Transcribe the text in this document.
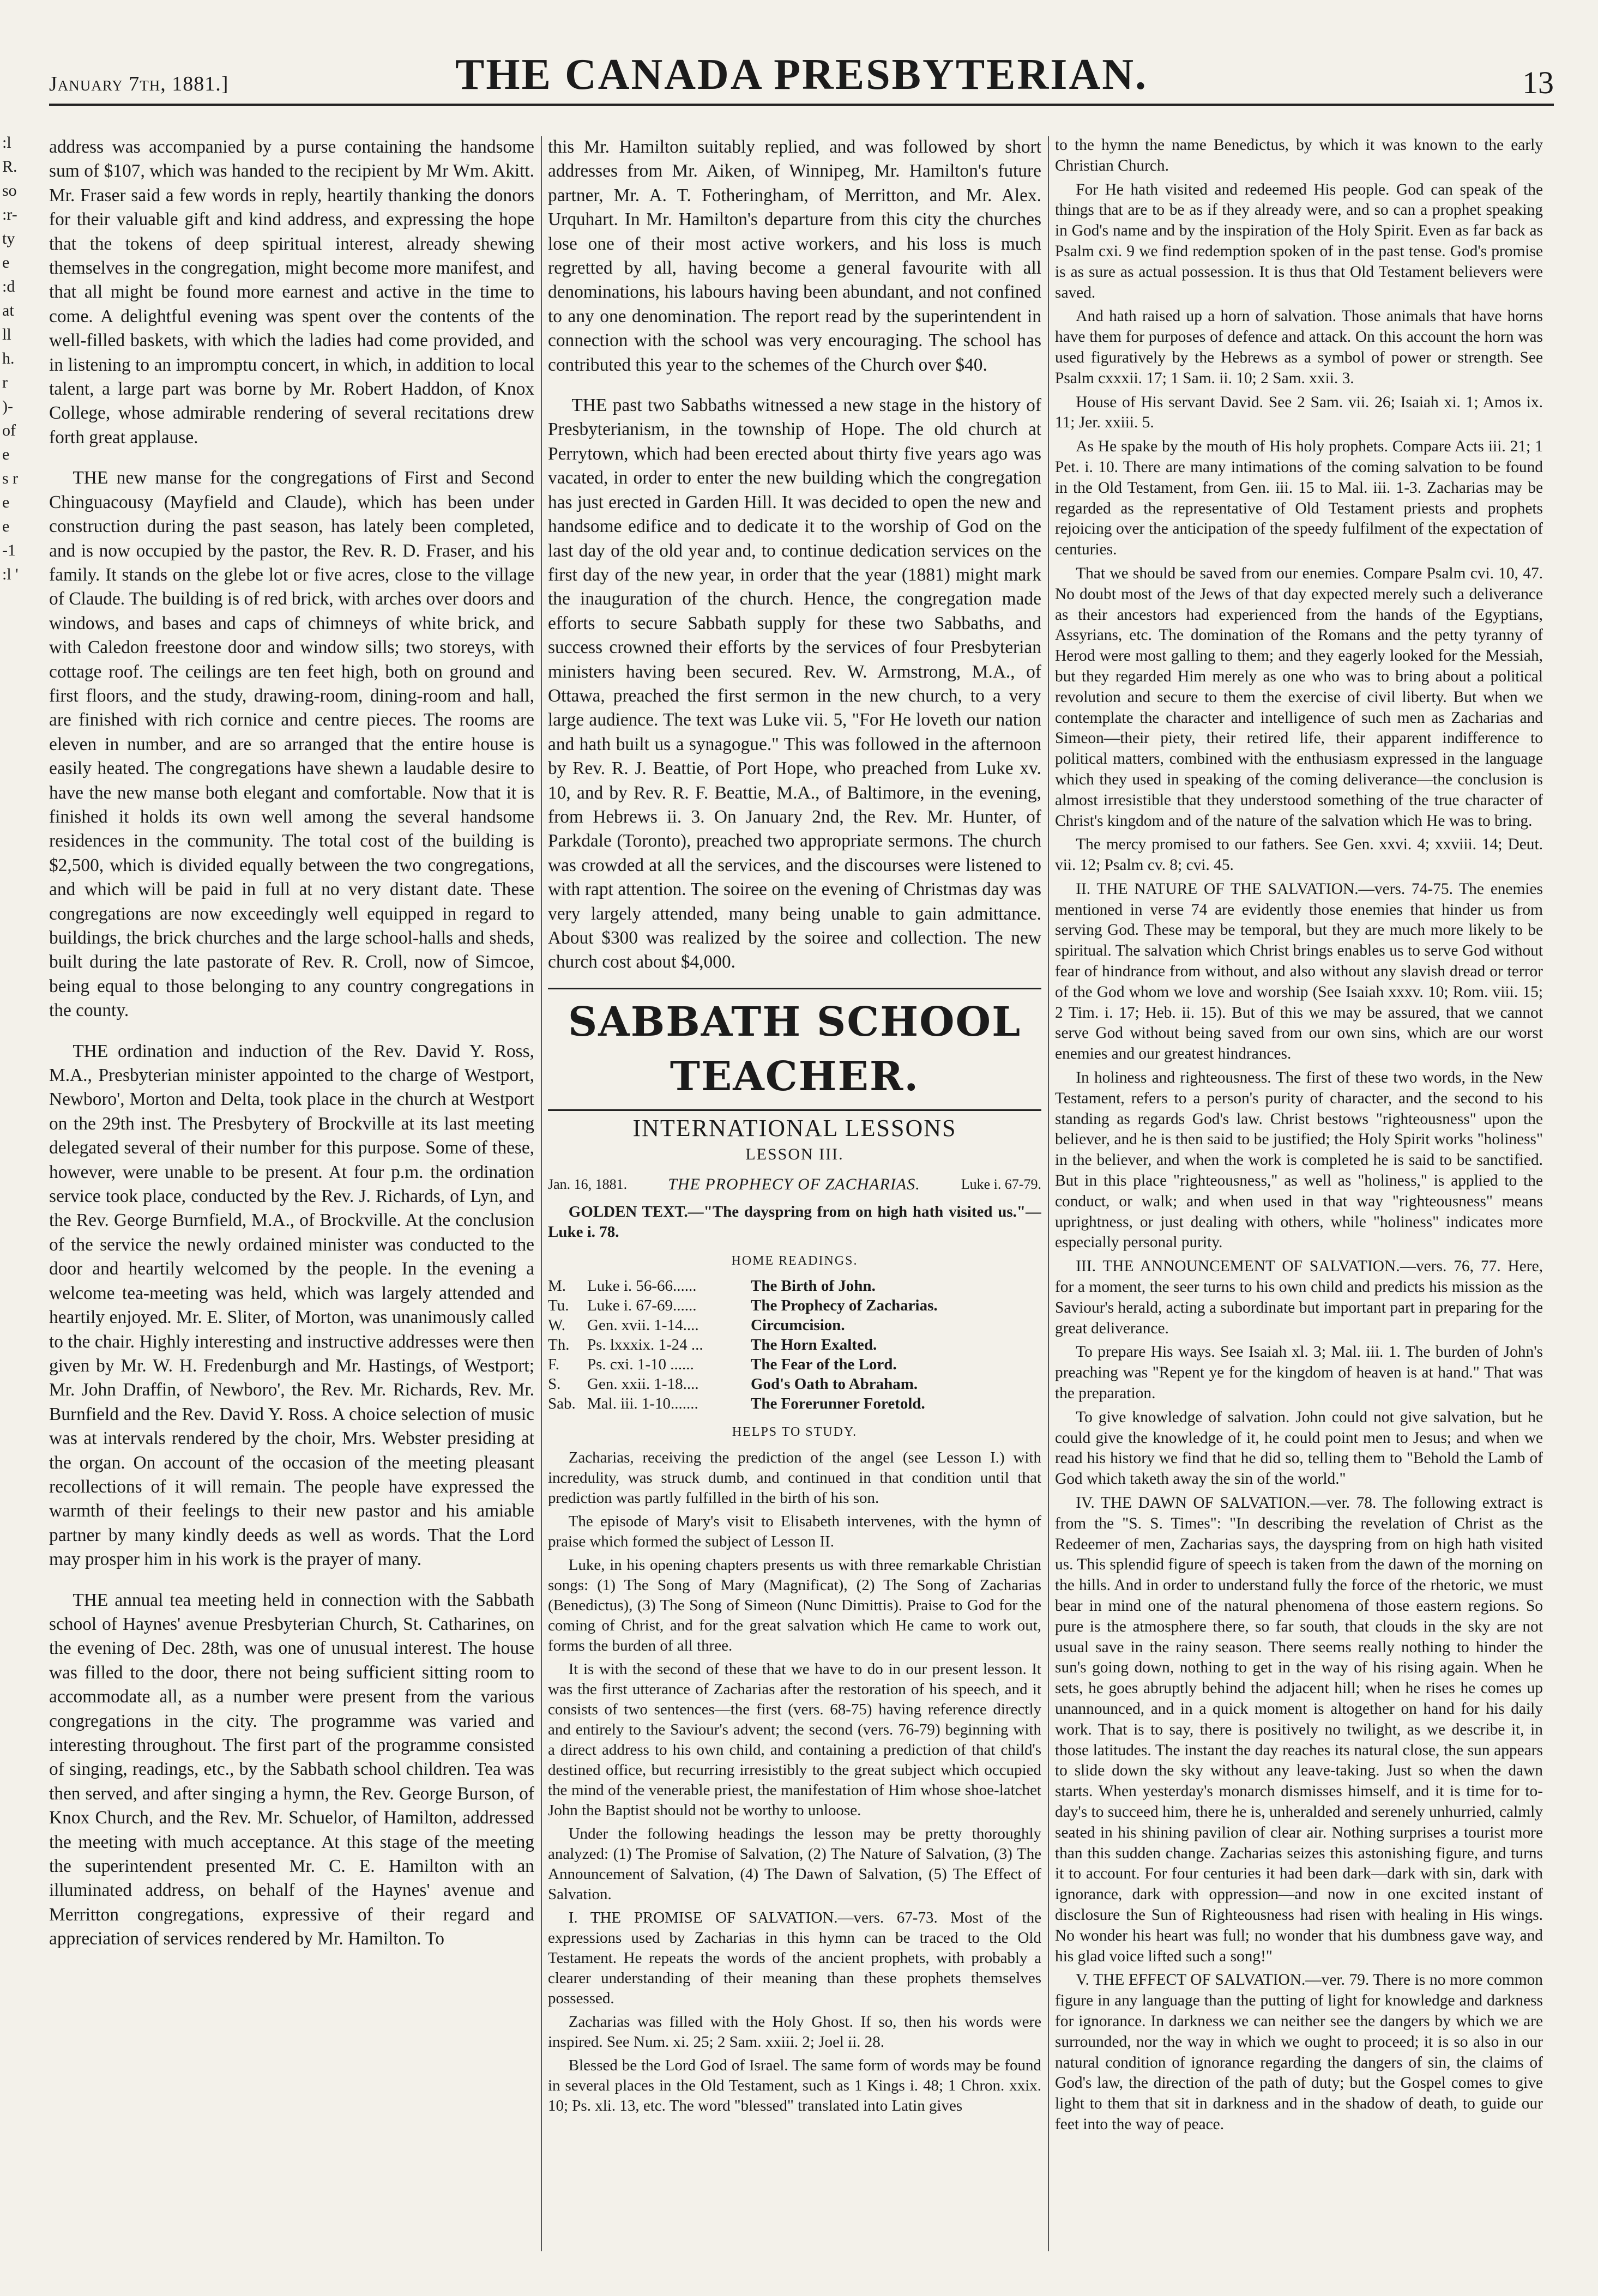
January 7th, 1881.]	THE CANADA PRESBYTERIAN.	13
:l R. so :r- ty e :d at ll h. r )- of e s r e e -1 :l '

address was accompanied by a purse containing the handsome sum of $107, which was handed to the recipient by Mr Wm. Akitt. Mr. Fraser said a few words in reply, heartily thanking the donors for their valuable gift and kind address, and expressing the hope that the tokens of deep spiritual interest, already shewing themselves in the congregation, might become more manifest, and that all might be found more earnest and active in the time to come. A delightful evening was spent over the contents of the well-filled baskets, with which the ladies had come provided, and in listening to an impromptu concert, in which, in addition to local talent, a large part was borne by Mr. Robert Haddon, of Knox College, whose admirable rendering of several recitations drew forth great applause.

THE new manse for the congregations of First and Second Chinguacousy (Mayfield and Claude), which has been under construction during the past season, has lately been completed, and is now occupied by the pastor, the Rev. R. D. Fraser, and his family. It stands on the glebe lot or five acres, close to the village of Claude. The building is of red brick, with arches over doors and windows, and bases and caps of chimneys of white brick, and with Caledon freestone door and window sills; two storeys, with cottage roof. The ceilings are ten feet high, both on ground and first floors, and the study, drawing-room, dining-room and hall, are finished with rich cornice and centre pieces. The rooms are eleven in number, and are so arranged that the entire house is easily heated. The congregations have shewn a laudable desire to have the new manse both elegant and comfortable. Now that it is finished it holds its own well among the several handsome residences in the community. The total cost of the building is $2,500, which is divided equally between the two congregations, and which will be paid in full at no very distant date. These congregations are now exceedingly well equipped in regard to buildings, the brick churches and the large school-halls and sheds, built during the late pastorate of Rev. R. Croll, now of Simcoe, being equal to those belonging to any country congregations in the county.

THE ordination and induction of the Rev. David Y. Ross, M.A., Presbyterian minister appointed to the charge of Westport, Newboro', Morton and Delta, took place in the church at Westport on the 29th inst. The Presbytery of Brockville at its last meeting delegated several of their number for this purpose. Some of these, however, were unable to be present. At four p.m. the ordination service took place, conducted by the Rev. J. Richards, of Lyn, and the Rev. George Burnfield, M.A., of Brockville. At the conclusion of the service the newly ordained minister was conducted to the door and heartily welcomed by the people. In the evening a welcome tea-meeting was held, which was largely attended and heartily enjoyed. Mr. E. Sliter, of Morton, was unanimously called to the chair. Highly interesting and instructive addresses were then given by Mr. W. H. Fredenburgh and Mr. Hastings, of Westport; Mr. John Draffin, of Newboro', the Rev. Mr. Richards, Rev. Mr. Burnfield and the Rev. David Y. Ross. A choice selection of music was at intervals rendered by the choir, Mrs. Webster presiding at the organ. On account of the occasion of the meeting pleasant recollections of it will remain. The people have expressed the warmth of their feelings to their new pastor and his amiable partner by many kindly deeds as well as words. That the Lord may prosper him in his work is the prayer of many.

THE annual tea meeting held in connection with the Sabbath school of Haynes' avenue Presbyterian Church, St. Catharines, on the evening of Dec. 28th, was one of unusual interest. The house was filled to the door, there not being sufficient sitting room to accommodate all, as a number were present from the various congregations in the city. The programme was varied and interesting throughout. The first part of the programme consisted of singing, readings, etc., by the Sabbath school children. Tea was then served, and after singing a hymn, the Rev. George Burson, of Knox Church, and the Rev. Mr. Schuelor, of Hamilton, addressed the meeting with much acceptance. At this stage of the meeting the superintendent presented Mr. C. E. Hamilton with an illuminated address, on behalf of the Haynes' avenue and Merritton congregations, expressive of their regard and appreciation of services rendered by Mr. Hamilton. To

this Mr. Hamilton suitably replied, and was followed by short addresses from Mr. Aiken, of Winnipeg, Mr. Hamilton's future partner, Mr. A. T. Fotheringham, of Merritton, and Mr. Alex. Urquhart. In Mr. Hamilton's departure from this city the churches lose one of their most active workers, and his loss is much regretted by all, having become a general favourite with all denominations, his labours having been abundant, and not confined to any one denomination. The report read by the superintendent in connection with the school was very encouraging. The school has contributed this year to the schemes of the Church over $40.

THE past two Sabbaths witnessed a new stage in the history of Presbyterianism, in the township of Hope. The old church at Perrytown, which had been erected about thirty five years ago was vacated, in order to enter the new building which the congregation has just erected in Garden Hill. It was decided to open the new and handsome edifice and to dedicate it to the worship of God on the last day of the old year and, to continue dedication services on the first day of the new year, in order that the year (1881) might mark the inauguration of the church. Hence, the congregation made efforts to secure Sabbath supply for these two Sabbaths, and success crowned their efforts by the services of four Presbyterian ministers having been secured. Rev. W. Armstrong, M.A., of Ottawa, preached the first sermon in the new church, to a very large audience. The text was Luke vii. 5, "For He loveth our nation and hath built us a synagogue." This was followed in the afternoon by Rev. R. J. Beattie, of Port Hope, who preached from Luke xv. 10, and by Rev. R. F. Beattie, M.A., of Baltimore, in the evening, from Hebrews ii. 3. On January 2nd, the Rev. Mr. Hunter, of Parkdale (Toronto), preached two appropriate sermons. The church was crowded at all the services, and the discourses were listened to with rapt attention. The soiree on the evening of Christmas day was very largely attended, many being unable to gain admittance. About $300 was realized by the soiree and collection. The new church cost about $4,000.

SABBATH SCHOOL TEACHER.
INTERNATIONAL LESSONS
LESSON III.
Jan. 16, 1881. THE PROPHECY OF ZACHARIAS.	Luke i. 67-79.

GOLDEN TEXT.—"The dayspring from on high hath visited us."—Luke i. 78.

HOME READINGS.
M.	Luke i. 56-66......	The Birth of John.
Tu.	Luke i. 67-69......	The Prophecy of Zacharias.
W.	Gen. xvii. 1-14....	Circumcision.
Th.	Ps. lxxxix. 1-24 ...	The Horn Exalted.
F.	Ps. cxi. 1-10 ......	The Fear of the Lord.
S.	Gen. xxii. 1-18....	God's Oath to Abraham.
Sab. Mal. iii. 1-10.......	The Forerunner Foretold.
HELPS TO STUDY.

Zacharias, receiving the prediction of the angel (see Lesson I.) with incredulity, was struck dumb, and continued in that condition until that prediction was partly fulfilled in the birth of his son.

The episode of Mary's visit to Elisabeth intervenes, with the hymn of praise which formed the subject of Lesson II.

Luke, in his opening chapters presents us with three remarkable Christian songs: (1) The Song of Mary (Magnificat), (2) The Song of Zacharias (Benedictus), (3) The Song of Simeon (Nunc Dimittis). Praise to God for the coming of Christ, and for the great salvation which He came to work out, forms the burden of all three.

It is with the second of these that we have to do in our present lesson. It was the first utterance of Zacharias after the restoration of his speech, and it consists of two sentences—the first (vers. 68-75) having reference directly and entirely to the Saviour's advent; the second (vers. 76-79) beginning with a direct address to his own child, and containing a prediction of that child's destined office, but recurring irresistibly to the great subject which occupied the mind of the venerable priest, the manifestation of Him whose shoe-latchet John the Baptist should not be worthy to unloose.

Under the following headings the lesson may be pretty thoroughly analyzed: (1) The Promise of Salvation, (2) The Nature of Salvation, (3) The Announcement of Salvation, (4) The Dawn of Salvation, (5) The Effect of Salvation.

I. THE PROMISE OF SALVATION.—vers. 67-73. Most of the expressions used by Zacharias in this hymn can be traced to the Old Testament. He repeats the words of the ancient prophets, with probably a clearer understanding of their meaning than these prophets themselves possessed.

Zacharias was filled with the Holy Ghost. If so, then his words were inspired. See Num. xi. 25; 2 Sam. xxiii. 2; Joel ii. 28.

Blessed be the Lord God of Israel. The same form of words may be found in several places in the Old Testament, such as 1 Kings i. 48; 1 Chron. xxix. 10; Ps. xli. 13, etc. The word "blessed" translated into Latin gives

to the hymn the name Benedictus, by which it was known to the early Christian Church.

For He hath visited and redeemed His people. God can speak of the things that are to be as if they already were, and so can a prophet speaking in God's name and by the inspiration of the Holy Spirit. Even as far back as Psalm cxi. 9 we find redemption spoken of in the past tense. God's promise is as sure as actual possession. It is thus that Old Testament believers were saved.

And hath raised up a horn of salvation. Those animals that have horns have them for purposes of defence and attack. On this account the horn was used figuratively by the Hebrews as a symbol of power or strength. See Psalm cxxxii. 17; 1 Sam. ii. 10; 2 Sam. xxii. 3.

House of His servant David. See 2 Sam. vii. 26; Isaiah xi. 1; Amos ix. 11; Jer. xxiii. 5.

As He spake by the mouth of His holy prophets. Compare Acts iii. 21; 1 Pet. i. 10. There are many intimations of the coming salvation to be found in the Old Testament, from Gen. iii. 15 to Mal. iii. 1-3. Zacharias may be regarded as the representative of Old Testament priests and prophets rejoicing over the anticipation of the speedy fulfilment of the expectation of centuries.

That we should be saved from our enemies. Compare Psalm cvi. 10, 47. No doubt most of the Jews of that day expected merely such a deliverance as their ancestors had experienced from the hands of the Egyptians, Assyrians, etc. The domination of the Romans and the petty tyranny of Herod were most galling to them; and they eagerly looked for the Messiah, but they regarded Him merely as one who was to bring about a political revolution and secure to them the exercise of civil liberty. But when we contemplate the character and intelligence of such men as Zacharias and Simeon—their piety, their retired life, their apparent indifference to political matters, combined with the enthusiasm expressed in the language which they used in speaking of the coming deliverance—the conclusion is almost irresistible that they understood something of the true character of Christ's kingdom and of the nature of the salvation which He was to bring.

The mercy promised to our fathers. See Gen. xxvi. 4; xxviii. 14; Deut. vii. 12; Psalm cv. 8; cvi. 45.

II. THE NATURE OF THE SALVATION.—vers. 74-75. The enemies mentioned in verse 74 are evidently those enemies that hinder us from serving God. These may be temporal, but they are much more likely to be spiritual. The salvation which Christ brings enables us to serve God without fear of hindrance from without, and also without any slavish dread or terror of the God whom we love and worship (See Isaiah xxxv. 10; Rom. viii. 15; 2 Tim. i. 17; Heb. ii. 15). But of this we may be assured, that we cannot serve God without being saved from our own sins, which are our worst enemies and our greatest hindrances.

In holiness and righteousness. The first of these two words, in the New Testament, refers to a person's purity of character, and the second to his standing as regards God's law. Christ bestows "righteousness" upon the believer, and he is then said to be justified; the Holy Spirit works "holiness" in the believer, and when the work is completed he is said to be sanctified. But in this place "righteousness," as well as "holiness," is applied to the conduct, or walk; and when used in that way "righteousness" means uprightness, or just dealing with others, while "holiness" indicates more especially personal purity.

III. THE ANNOUNCEMENT OF SALVATION.—vers. 76, 77. Here, for a moment, the seer turns to his own child and predicts his mission as the Saviour's herald, acting a subordinate but important part in preparing for the great deliverance.

To prepare His ways. See Isaiah xl. 3; Mal. iii. 1. The burden of John's preaching was "Repent ye for the kingdom of heaven is at hand." That was the preparation.

To give knowledge of salvation. John could not give salvation, but he could give the knowledge of it, he could point men to Jesus; and when we read his history we find that he did so, telling them to "Behold the Lamb of God which taketh away the sin of the world."

IV. THE DAWN OF SALVATION.—ver. 78. The following extract is from the "S. S. Times": "In describing the revelation of Christ as the Redeemer of men, Zacharias says, the dayspring from on high hath visited us. This splendid figure of speech is taken from the dawn of the morning on the hills. And in order to understand fully the force of the rhetoric, we must bear in mind one of the natural phenomena of those eastern regions. So pure is the atmosphere there, so far south, that clouds in the sky are not usual save in the rainy season. There seems really nothing to hinder the sun's going down, nothing to get in the way of his rising again. When he sets, he goes abruptly behind the adjacent hill; when he rises he comes up unannounced, and in a quick moment is altogether on hand for his daily work. That is to say, there is positively no twilight, as we describe it, in those latitudes. The instant the day reaches its natural close, the sun appears to slide down the sky without any leave-taking. Just so when the dawn starts. When yesterday's monarch dismisses himself, and it is time for to-day's to succeed him, there he is, unheralded and serenely unhurried, calmly seated in his shining pavilion of clear air. Nothing surprises a tourist more than this sudden change. Zacharias seizes this astonishing figure, and turns it to account. For four centuries it had been dark—dark with sin, dark with ignorance, dark with oppression—and now in one excited instant of disclosure the Sun of Righteousness had risen with healing in His wings. No wonder his heart was full; no wonder that his dumbness gave way, and his glad voice lifted such a song!"

V. THE EFFECT OF SALVATION.—ver. 79. There is no more common figure in any language than the putting of light for knowledge and darkness for ignorance. In darkness we can neither see the dangers by which we are surrounded, nor the way in which we ought to proceed; it is so also in our natural condition of ignorance regarding the dangers of sin, the claims of God's law, the direction of the path of duty; but the Gospel comes to give light to them that sit in darkness and in the shadow of death, to guide our feet into the way of peace.
